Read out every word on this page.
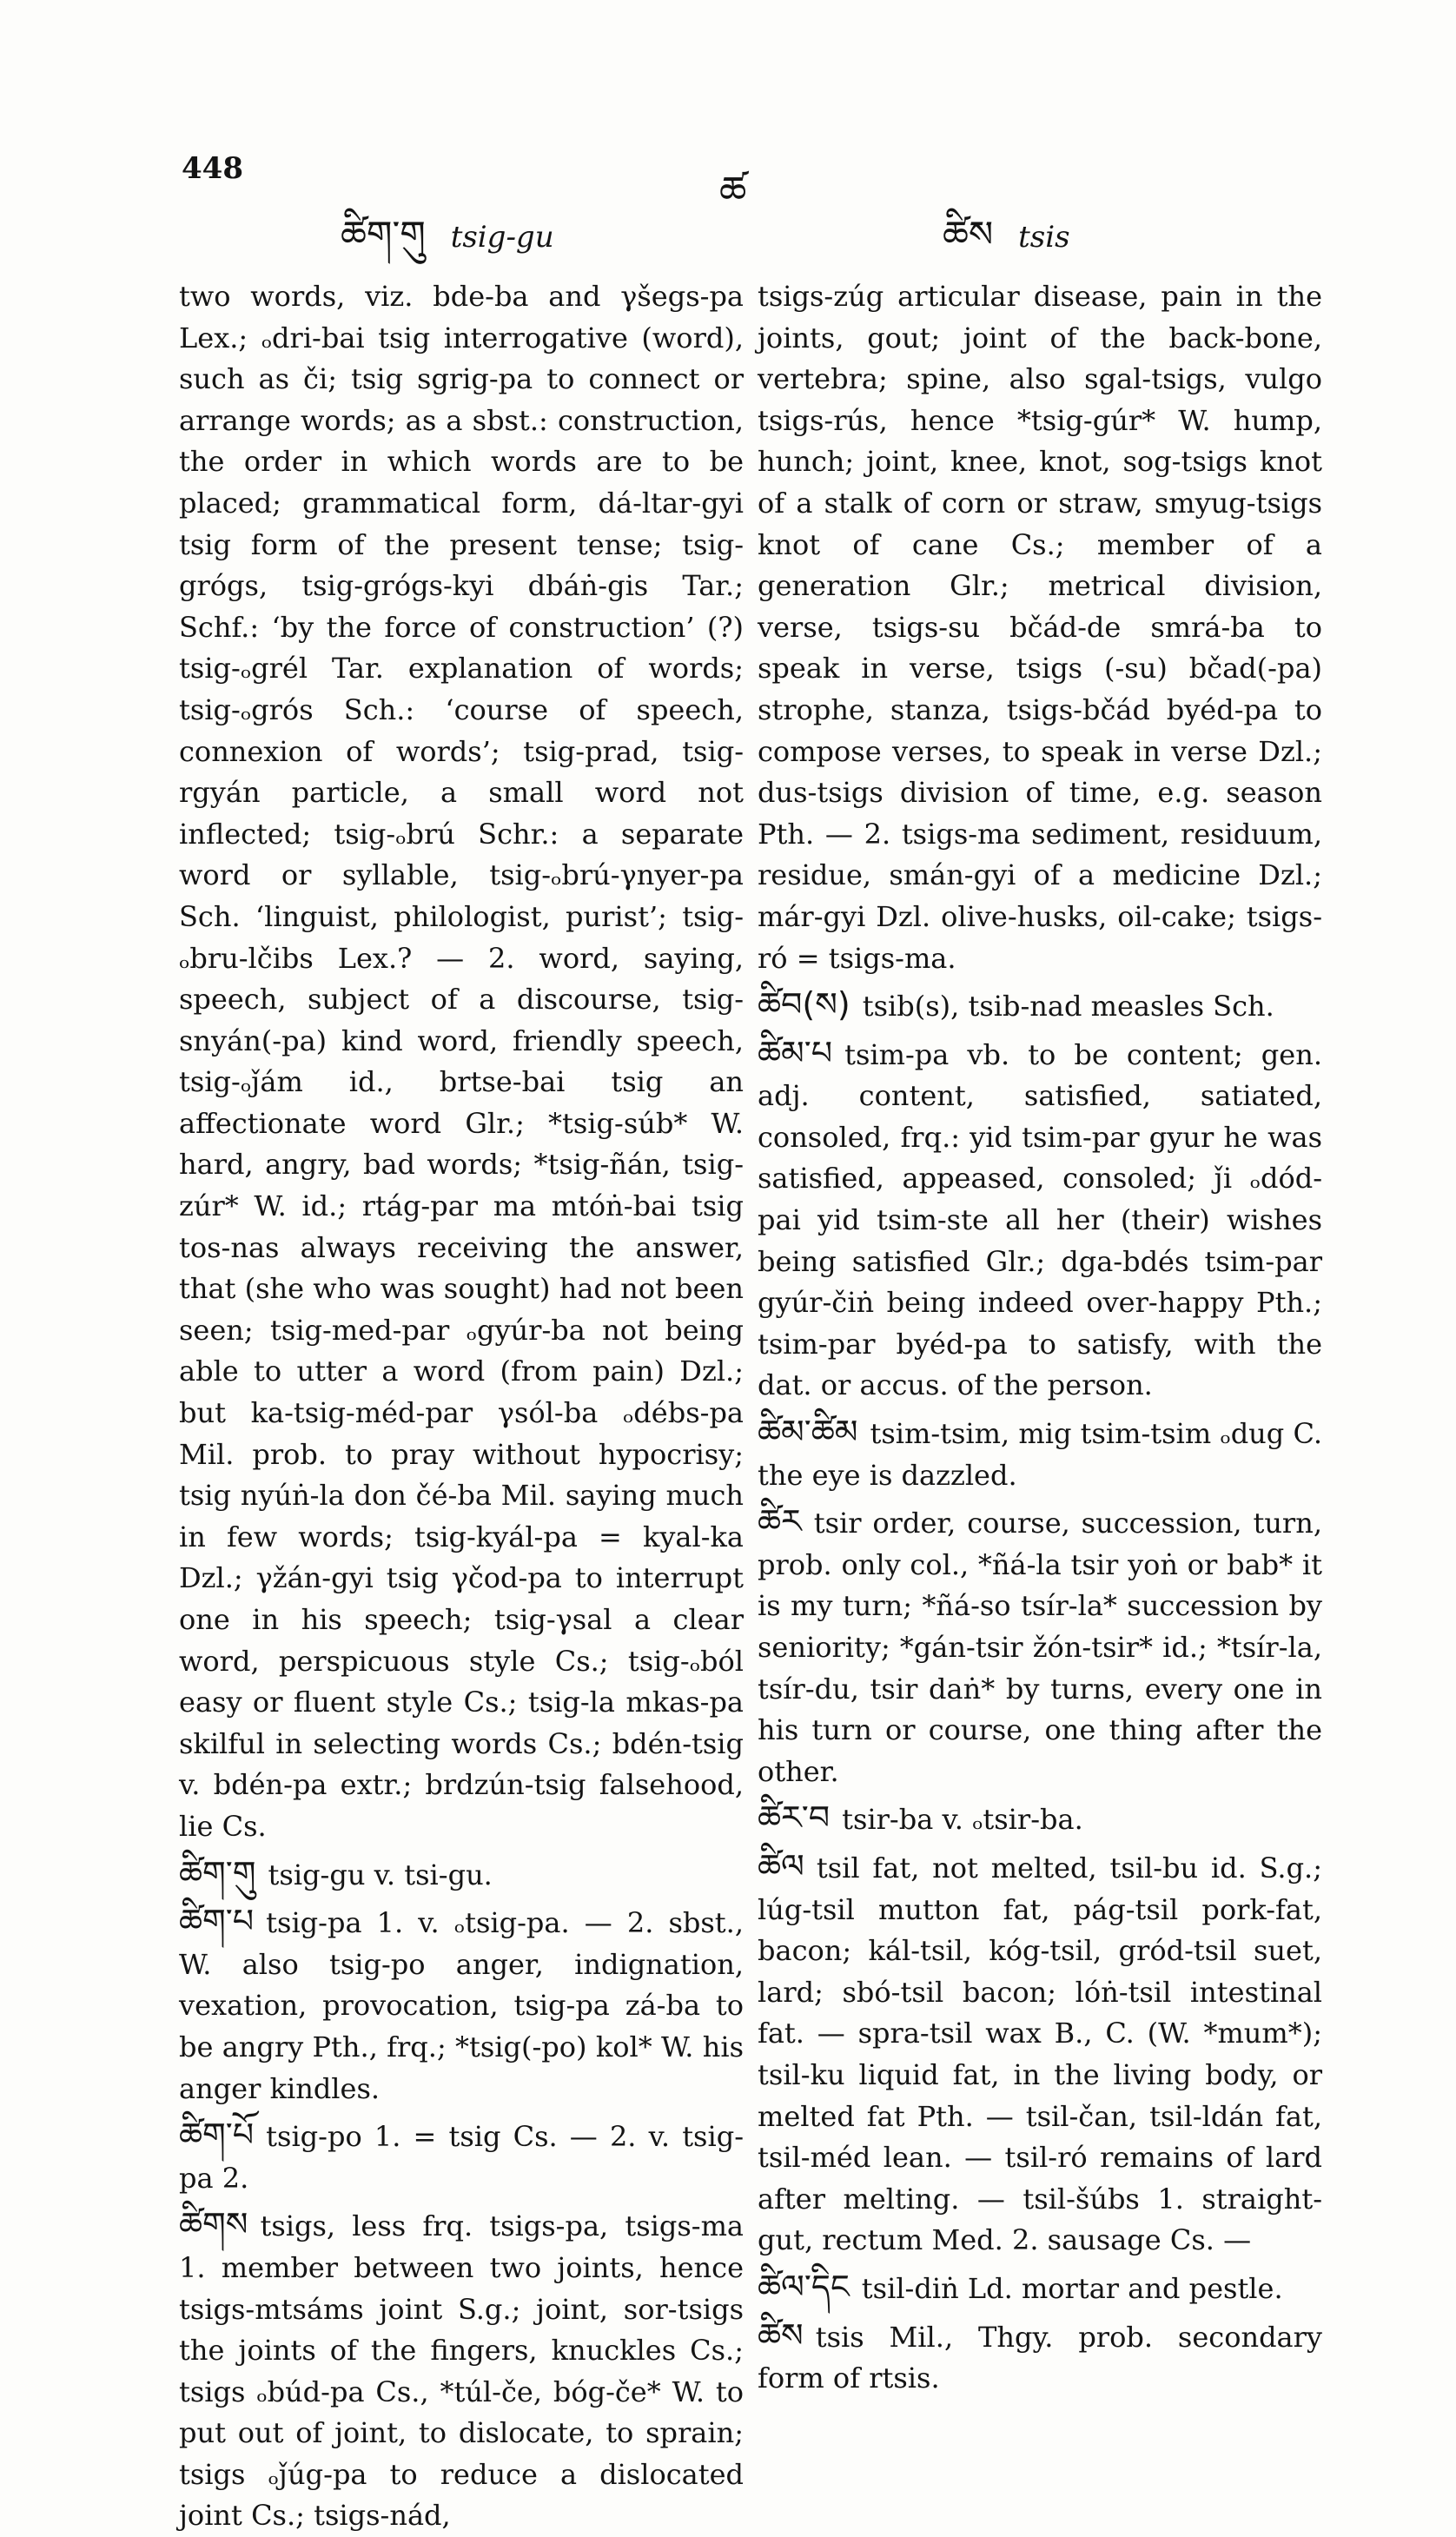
448	ཚ
ཚིག་གུ tsig-gu	ཚིས tsis

two words, viz. bde-ba and γšegs-pa Lex.; ₒdri-bai tsig interrogative (word), such as či; tsig sgrig-pa to connect or arrange words; as a sbst.: construction, the order in which words are to be placed; grammatical form, dá-ltar-gyi tsig form of the present tense; tsig-grógs, tsig-grógs-kyi dbáṅ-gis Tar.; Schf.: ‘by the force of construction’ (?) tsig-ₒgrél Tar. explanation of words; tsig-ₒgrós Sch.: ‘course of speech, connexion of words’; tsig-prad, tsig-rgyán particle, a small word not inflected; tsig-ₒbrú Schr.: a separate word or syllable, tsig-ₒbrú-γnyer-pa Sch. ‘linguist, philologist, purist’; tsig-ₒbru-lčibs Lex.? — 2. word, saying, speech, subject of a discourse, tsig-snyán(-pa) kind word, friendly speech, tsig-ₒǰám id., brtse-bai tsig an affectionate word Glr.; *tsig-súb* W. hard, angry, bad words; *tsig-ñán, tsig-zúr* W. id.; rtág-par ma mtóṅ-bai tsig tos-nas always receiving the answer, that (she who was sought) had not been seen; tsig-med-par ₒgyúr-ba not being able to utter a word (from pain) Dzl.; but ka-tsig-méd-par γsól-ba ₒdébs-pa Mil. prob. to pray without hypocrisy; tsig nyúṅ-la don čé-ba Mil. saying much in few words; tsig-kyál-pa = kyal-ka Dzl.; γžán-gyi tsig γčod-pa to interrupt one in his speech; tsig-γsal a clear word, perspicuous style Cs.; tsig-ₒból easy or fluent style Cs.; tsig-la mkas-pa skilful in selecting words Cs.; bdén-tsig v. bdén-pa extr.; brdzún-tsig falsehood, lie Cs.

ཚིག་གུ tsig-gu v. tsi-gu.

ཚིག་པ tsig-pa 1. v. ₒtsig-pa. — 2. sbst., W. also tsig-po anger, indignation, vexation, provocation, tsig-pa zá-ba to be angry Pth., frq.; *tsig(-po) kol* W. his anger kindles.

ཚིག་པོ tsig-po 1. = tsig Cs. — 2. v. tsig-pa 2.

ཚིགས tsigs, less frq. tsigs-pa, tsigs-ma 1. member between two joints, hence tsigs-mtsáms joint S.g.; joint, sor-tsigs the joints of the fingers, knuckles Cs.; tsigs ₒbúd-pa Cs., *túl-če, bóg-če* W. to put out of joint, to dislocate, to sprain; tsigs ₒǰúg-pa to reduce a dislocated joint Cs.; tsigs-nád,

tsigs-zúg articular disease, pain in the joints, gout; joint of the back-bone, vertebra; spine, also sgal-tsigs, vulgo tsigs-rús, hence *tsig-gúr* W. hump, hunch; joint, knee, knot, sog-tsigs knot of a stalk of corn or straw, smyug-tsigs knot of cane Cs.; member of a generation Glr.; metrical division, verse, tsigs-su bčád-de smrá-ba to speak in verse, tsigs (-su) bčad(-pa) strophe, stanza, tsigs-bčád byéd-pa to compose verses, to speak in verse Dzl.; dus-tsigs division of time, e.g. season Pth. — 2. tsigs-ma sediment, residuum, residue, smán-gyi of a medicine Dzl.; már-gyi Dzl. olive-husks, oil-cake; tsigs-ró = tsigs-ma.

ཚིབ(ས) tsib(s), tsib-nad measles Sch.

ཚིམ་པ tsim-pa vb. to be content; gen. adj. content, satisfied, satiated, consoled, frq.: yid tsim-par gyur he was satisfied, appeased, consoled; ǰi ₒdód-pai yid tsim-ste all her (their) wishes being satisfied Glr.; dga-bdés tsim-par gyúr-čiṅ being indeed over-happy Pth.; tsim-par byéd-pa to satisfy, with the dat. or accus. of the person.

ཚིམ་ཚིམ tsim-tsim, mig tsim-tsim ₒdug C. the eye is dazzled.

ཚིར tsir order, course, succession, turn, prob. only col., *ñá-la tsir yoṅ or bab* it is my turn; *ñá-so tsír-la* succession by seniority; *gán-tsir žón-tsir* id.; *tsír-la, tsír-du, tsir daṅ* by turns, every one in his turn or course, one thing after the other.

ཚིར་བ tsir-ba v. ₒtsir-ba.

ཚིལ tsil fat, not melted, tsil-bu id. S.g.; lúg-tsil mutton fat, pág-tsil pork-fat, bacon; kál-tsil, kóg-tsil, gród-tsil suet, lard; sbó-tsil bacon; lóṅ-tsil intestinal fat. — spra-tsil wax B., C. (W. *mum*); tsil-ku liquid fat, in the living body, or melted fat Pth. — tsil-čan, tsil-ldán fat, tsil-méd lean. — tsil-ró remains of lard after melting. — tsil-šúbs 1. straight-gut, rectum Med. 2. sausage Cs. —

ཚིལ་དིང tsil-diṅ Ld. mortar and pestle.

ཚིས tsis Mil., Thgy. prob. secondary form of rtsis.
